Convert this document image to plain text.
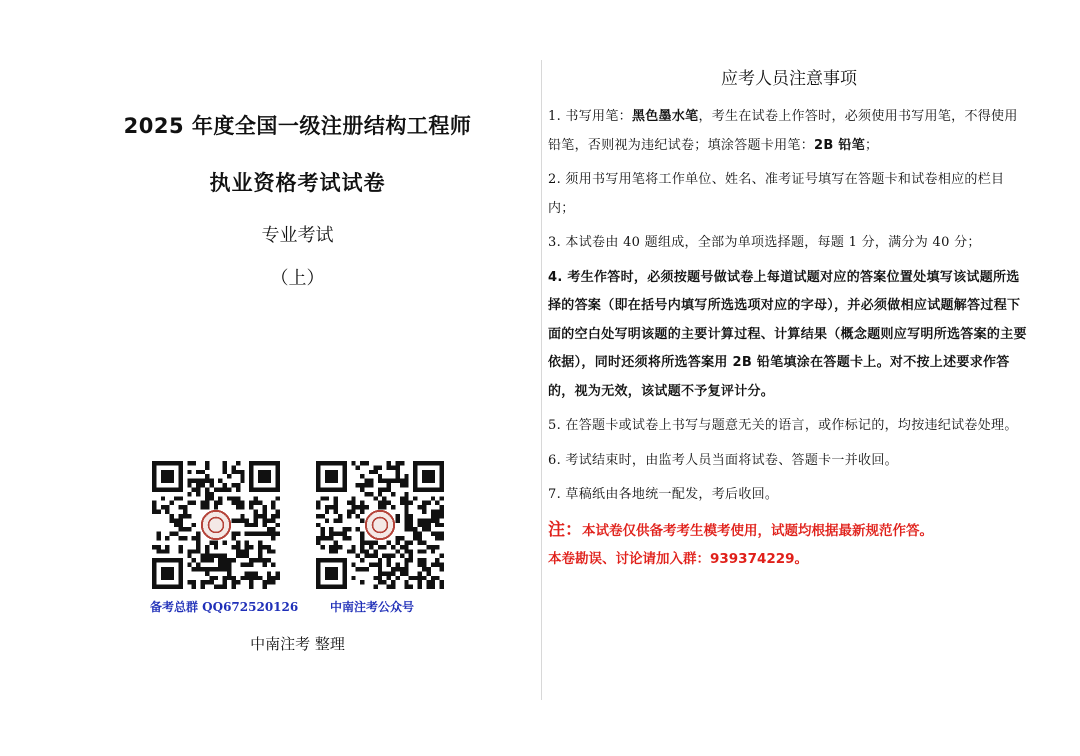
2025 年度全国一级注册结构工程师
执业资格考试试卷
专业考试
（上）
备考总群 QQ672520126	中南注考公众号
中南注考 整理
应考人员注意事项
1. 书写用笔：黑色墨水笔，考生在试卷上作答时，必须使用书写用笔，不得使用铅笔，否则视为违纪试卷；填涂答题卡用笔：2B 铅笔；
2. 须用书写用笔将工作单位、姓名、准考证号填写在答题卡和试卷相应的栏目内；
3. 本试卷由 40 题组成，全部为单项选择题，每题 1 分，满分为 40 分；
4. 考生作答时，必须按题号做试卷上每道试题对应的答案位置处填写该试题所选择的答案（即在括号内填写所选选项对应的字母），并必须做相应试题解答过程下面的空白处写明该题的主要计算过程、计算结果（概念题则应写明所选答案的主要依据），同时还须将所选答案用 2B 铅笔填涂在答题卡上。对不按上述要求作答的，视为无效，该试题不予复评计分。
5. 在答题卡或试卷上书写与题意无关的语言，或作标记的，均按违纪试卷处理。
6. 考试结束时，由监考人员当面将试卷、答题卡一并收回。
7. 草稿纸由各地统一配发，考后收回。
注：本试卷仅供备考考生模考使用，试题均根据最新规范作答。
本卷勘误、讨论请加入群：939374229。
